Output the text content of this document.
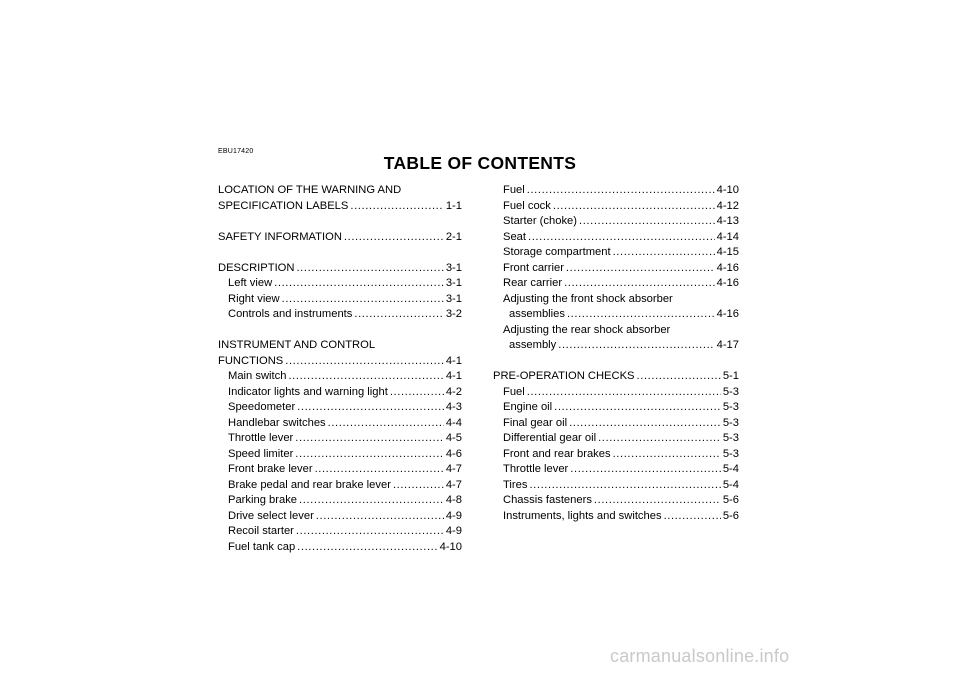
EBU17420
TABLE OF CONTENTS
LOCATION OF THE WARNING AND
SPECIFICATION LABELS .....	1-1
SAFETY INFORMATION .....	2-1
DESCRIPTION .....	3-1
Left view .....	3-1
Right view .....	3-1
Controls and instruments .....	3-2
INSTRUMENT AND CONTROL
FUNCTIONS .....	4-1
Main switch .....	4-1
Indicator lights and warning light .....	4-2
Speedometer .....	4-3
Handlebar switches .....	4-4
Throttle lever .....	4-5
Speed limiter .....	4-6
Front brake lever .....	4-7
Brake pedal and rear brake lever .....	4-7
Parking brake .....	4-8
Drive select lever .....	4-9
Recoil starter .....	4-9
Fuel tank cap .....	4-10
Fuel .....	4-10
Fuel cock .....	4-12
Starter (choke) .....	4-13
Seat .....	4-14
Storage compartment .....	4-15
Front carrier .....	4-16
Rear carrier .....	4-16
Adjusting the front shock absorber
assemblies .....	4-16
Adjusting the rear shock absorber
assembly .....	4-17
PRE-OPERATION CHECKS .....	5-1
Fuel .....	5-3
Engine oil .....	5-3
Final gear oil .....	5-3
Differential gear oil .....	5-3
Front and rear brakes .....	5-3
Throttle lever .....	5-4
Tires .....	5-4
Chassis fasteners .....	5-6
Instruments, lights and switches .....	5-6
carmanualsonline.info
